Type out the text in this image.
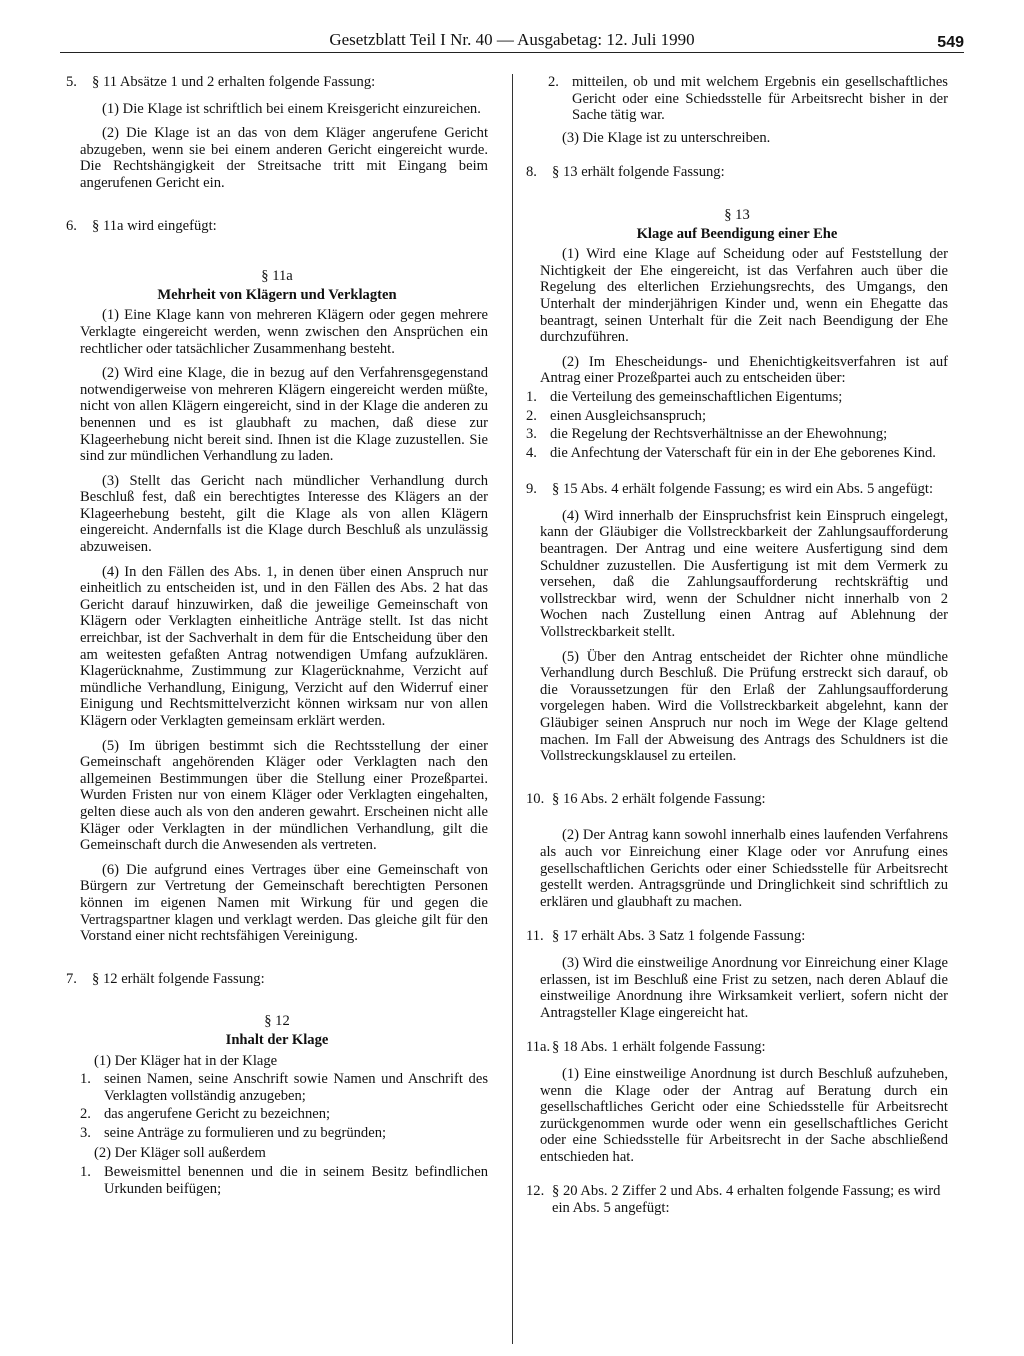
Gesetzblatt Teil I Nr. 40 — Ausgabetag: 12. Juli 1990	549
5.	§ 11 Absätze 1 und 2 erhalten folgende Fassung:

(1) Die Klage ist schriftlich bei einem Kreisgericht einzureichen.

(2) Die Klage ist an das von dem Kläger angerufene Gericht abzugeben, wenn sie bei einem anderen Gericht eingereicht wurde. Die Rechtshängigkeit der Streitsache tritt mit Eingang beim angerufenen Gericht ein.

6.	§ 11a wird eingefügt:
§ 11a
Mehrheit von Klägern und Verklagten

(1) Eine Klage kann von mehreren Klägern oder gegen mehrere Verklagte eingereicht werden, wenn zwischen den Ansprüchen ein rechtlicher oder tatsächlicher Zusammenhang besteht.

(2) Wird eine Klage, die in bezug auf den Verfahrensgegenstand notwendigerweise von mehreren Klägern eingereicht werden müßte, nicht von allen Klägern eingereicht, sind in der Klage die anderen zu benennen und es ist glaubhaft zu machen, daß diese zur Klageerhebung nicht bereit sind. Ihnen ist die Klage zuzustellen. Sie sind zur mündlichen Verhandlung zu laden.

(3) Stellt das Gericht nach mündlicher Verhandlung durch Beschluß fest, daß ein berechtigtes Interesse des Klägers an der Klageerhebung besteht, gilt die Klage als von allen Klägern eingereicht. Andernfalls ist die Klage durch Beschluß als unzulässig abzuweisen.

(4) In den Fällen des Abs. 1, in denen über einen Anspruch nur einheitlich zu entscheiden ist, und in den Fällen des Abs. 2 hat das Gericht darauf hinzuwirken, daß die jeweilige Gemeinschaft von Klägern oder Verklagten einheitliche Anträge stellt. Ist das nicht erreichbar, ist der Sachverhalt in dem für die Entscheidung über den am weitesten gefaßten Antrag notwendigen Umfang aufzuklären. Klagerücknahme, Zustimmung zur Klagerücknahme, Verzicht auf mündliche Verhandlung, Einigung, Verzicht auf den Widerruf einer Einigung und Rechtsmittelverzicht können wirksam nur von allen Klägern oder Verklagten gemeinsam erklärt werden.

(5) Im übrigen bestimmt sich die Rechtsstellung der einer Gemeinschaft angehörenden Kläger oder Verklagten nach den allgemeinen Bestimmungen über die Stellung einer Prozeßpartei. Wurden Fristen nur von einem Kläger oder Verklagten eingehalten, gelten diese auch als von den anderen gewahrt. Erscheinen nicht alle Kläger oder Verklagten in der mündlichen Verhandlung, gilt die Gemeinschaft durch die Anwesenden als vertreten.

(6) Die aufgrund eines Vertrages über eine Gemeinschaft von Bürgern zur Vertretung der Gemeinschaft berechtigten Personen können im eigenen Namen mit Wirkung für und gegen die Vertragspartner klagen und verklagt werden. Das gleiche gilt für den Vorstand einer nicht rechtsfähigen Vereinigung.

7.	§ 12 erhält folgende Fassung:
§ 12
Inhalt der Klage

(1) Der Kläger hat in der Klage

1. seinen Namen, seine Anschrift sowie Namen und Anschrift des Verklagten vollständig anzugeben;
2. das angerufene Gericht zu bezeichnen;
3. seine Anträge zu formulieren und zu begründen;

(2) Der Kläger soll außerdem

1. Beweismittel benennen und die in seinem Besitz befindlichen Urkunden beifügen;
2. mitteilen, ob und mit welchem Ergebnis ein gesellschaftliches Gericht oder eine Schiedsstelle für Arbeitsrecht bisher in der Sache tätig war.

(3) Die Klage ist zu unterschreiben.

8.	§ 13 erhält folgende Fassung:
§ 13
Klage auf Beendigung einer Ehe

(1) Wird eine Klage auf Scheidung oder auf Feststellung der Nichtigkeit der Ehe eingereicht, ist das Verfahren auch über die Regelung des elterlichen Erziehungsrechts, des Umgangs, den Unterhalt der minderjährigen Kinder und, wenn ein Ehegatte das beantragt, seinen Unterhalt für die Zeit nach Beendigung der Ehe durchzuführen.

(2) Im Ehescheidungs- und Ehenichtigkeitsverfahren ist auf Antrag einer Prozeßpartei auch zu entscheiden über:

1. die Verteilung des gemeinschaftlichen Eigentums;
2. einen Ausgleichsanspruch;
3. die Regelung der Rechtsverhältnisse an der Ehewohnung;
4. die Anfechtung der Vaterschaft für ein in der Ehe geborenes Kind.
9.	§ 15 Abs. 4 erhält folgende Fassung; es wird ein Abs. 5 angefügt:

(4) Wird innerhalb der Einspruchsfrist kein Einspruch eingelegt, kann der Gläubiger die Vollstreckbarkeit der Zahlungsaufforderung beantragen. Der Antrag und eine weitere Ausfertigung sind dem Schuldner zuzustellen. Die Ausfertigung ist mit dem Vermerk zu versehen, daß die Zahlungsaufforderung rechtskräftig und vollstreckbar wird, wenn der Schuldner nicht innerhalb von 2 Wochen nach Zustellung einen Antrag auf Ablehnung der Vollstreckbarkeit stellt.

(5) Über den Antrag entscheidet der Richter ohne mündliche Verhandlung durch Beschluß. Die Prüfung erstreckt sich darauf, ob die Voraussetzungen für den Erlaß der Zahlungsaufforderung vorgelegen haben. Wird die Vollstreckbarkeit abgelehnt, kann der Gläubiger seinen Anspruch nur noch im Wege der Klage geltend machen. Im Fall der Abweisung des Antrags des Schuldners ist die Vollstreckungsklausel zu erteilen.

10. § 16 Abs. 2 erhält folgende Fassung:

(2) Der Antrag kann sowohl innerhalb eines laufenden Verfahrens als auch vor Einreichung einer Klage oder vor Anrufung eines gesellschaftlichen Gerichts oder einer Schiedsstelle für Arbeitsrecht gestellt werden. Antragsgründe und Dringlichkeit sind schriftlich zu erklären und glaubhaft zu machen.

11. § 17 erhält Abs. 3 Satz 1 folgende Fassung:

(3) Wird die einstweilige Anordnung vor Einreichung einer Klage erlassen, ist im Beschluß eine Frist zu setzen, nach deren Ablauf die einstweilige Anordnung ihre Wirksamkeit verliert, sofern nicht der Antragsteller Klage eingereicht hat.

11a. § 18 Abs. 1 erhält folgende Fassung:

(1) Eine einstweilige Anordnung ist durch Beschluß aufzuheben, wenn die Klage oder der Antrag auf Beratung durch ein gesellschaftliches Gericht oder eine Schiedsstelle für Arbeitsrecht zurückgenommen wurde oder wenn ein gesellschaftliches Gericht oder eine Schiedsstelle für Arbeitsrecht in der Sache abschließend entschieden hat.

12. § 20 Abs. 2 Ziffer 2 und Abs. 4 erhalten folgende Fassung; es wird ein Abs. 5 angefügt:
